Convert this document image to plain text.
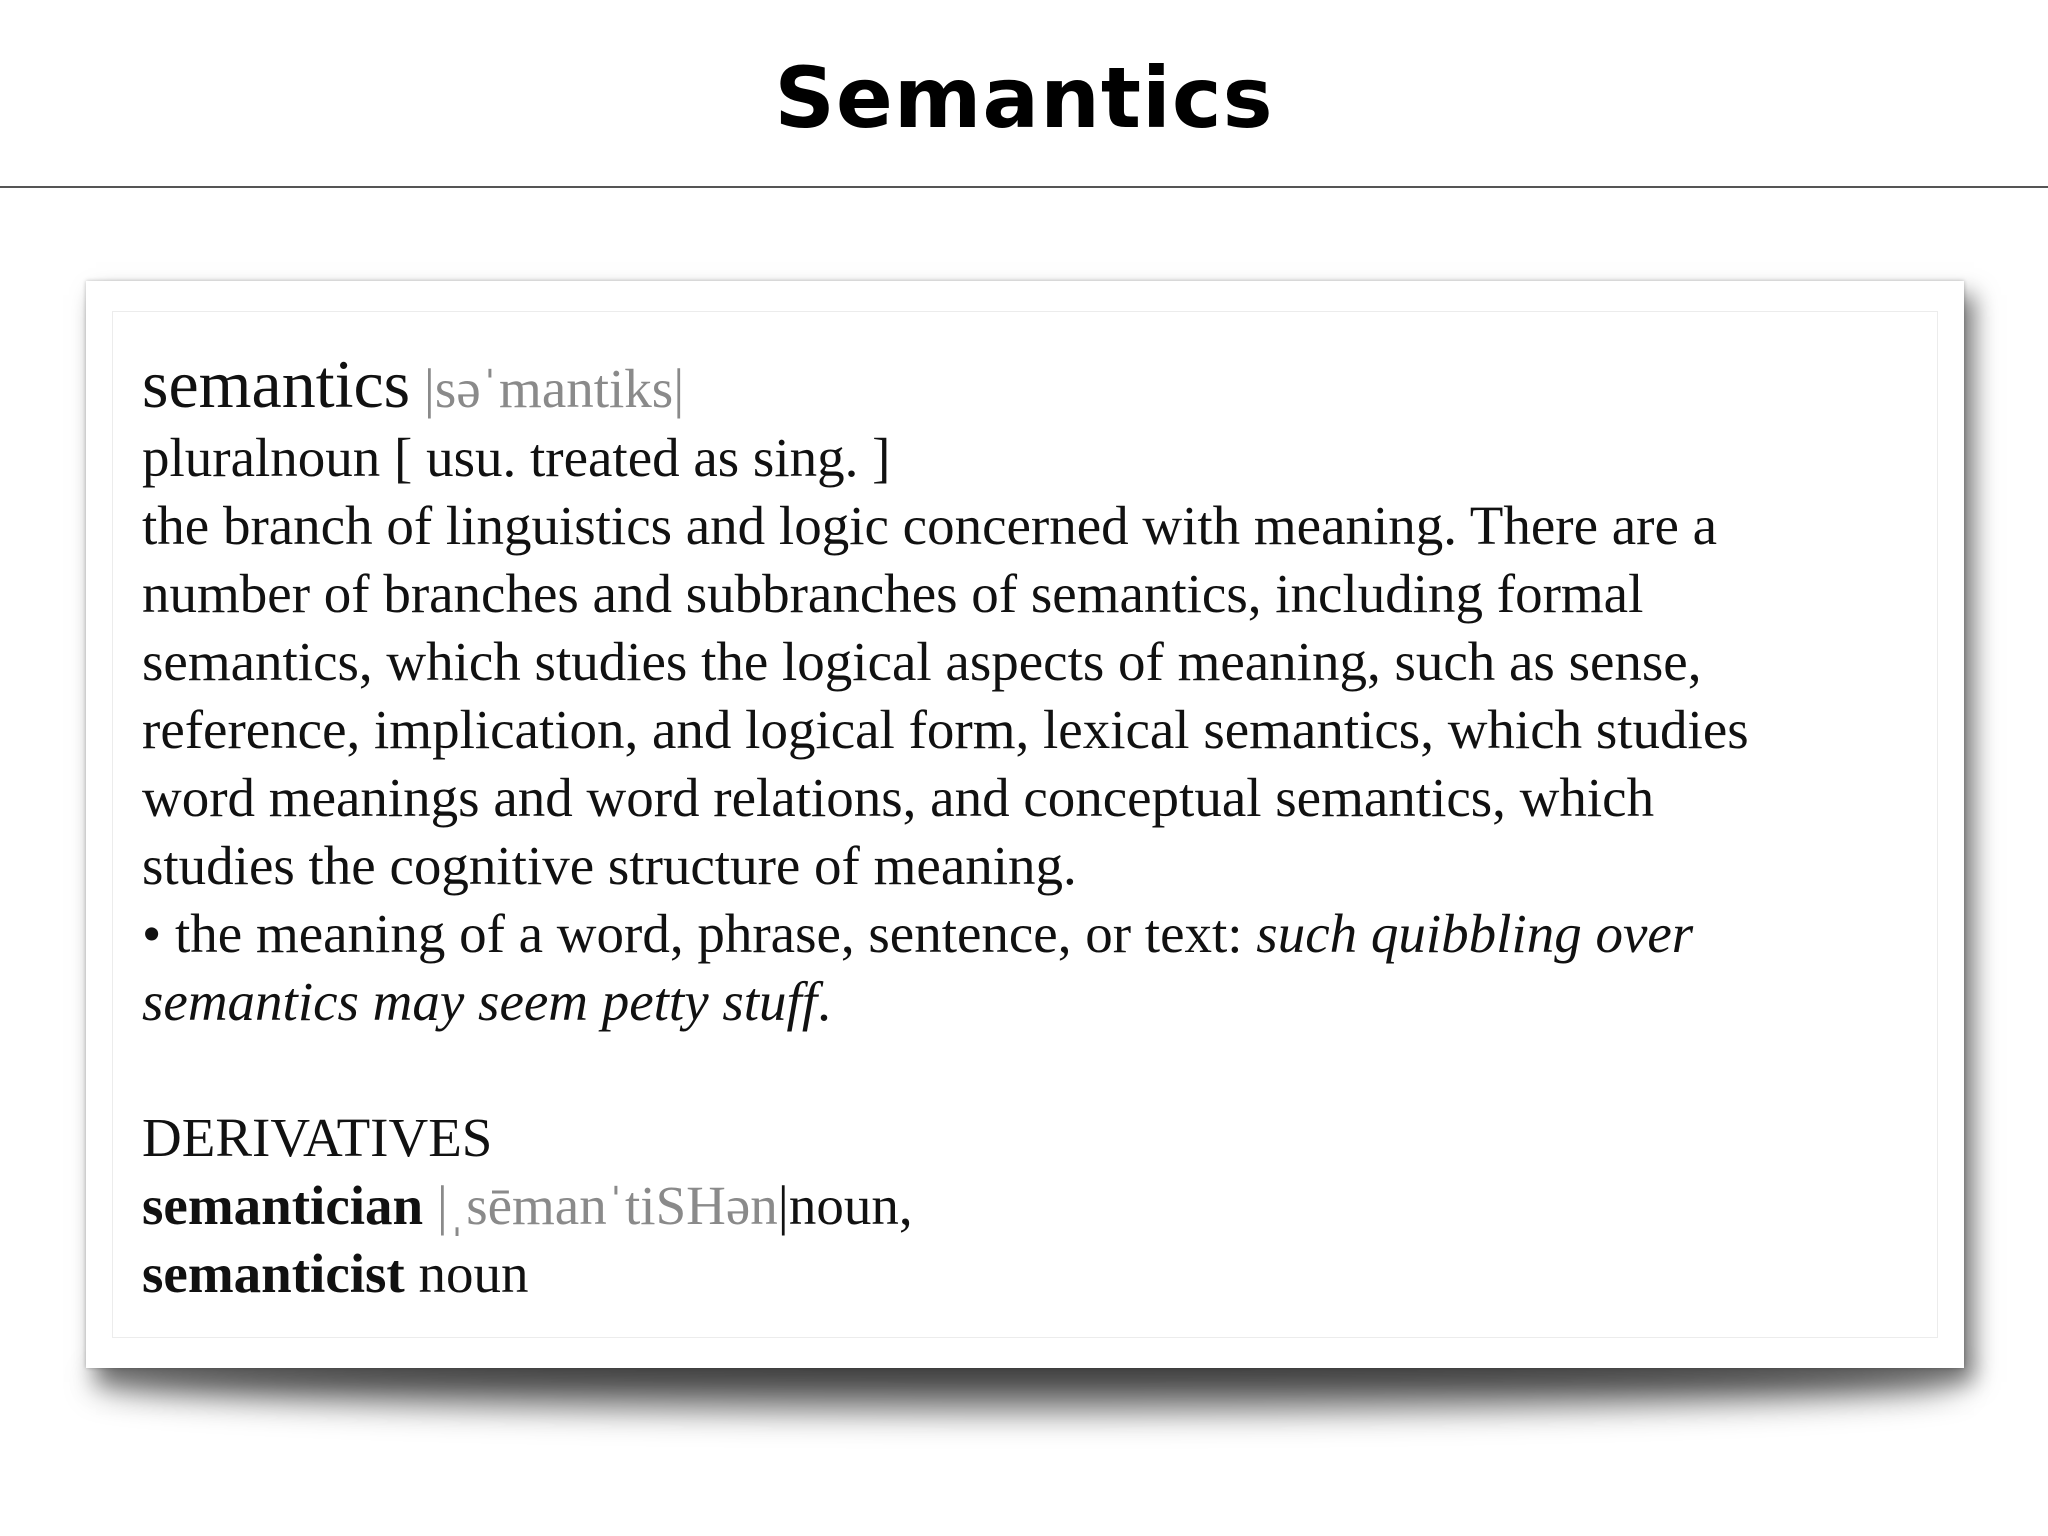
Semantics
semantics |səˈmantiks|
pluralnoun [ usu. treated as sing. ]
the branch of linguistics and logic concerned with meaning. There are a
number of branches and subbranches of semantics, including formal
semantics, which studies the logical aspects of meaning, such as sense,
reference, implication, and logical form, lexical semantics, which studies
word meanings and word relations, and conceptual semantics, which
studies the cognitive structure of meaning.
• the meaning of a word, phrase, sentence, or text: such quibbling over
semantics may seem petty stuff.
DERIVATIVES
semantician |ˌsēmanˈtiSHən|noun,
semanticist noun
